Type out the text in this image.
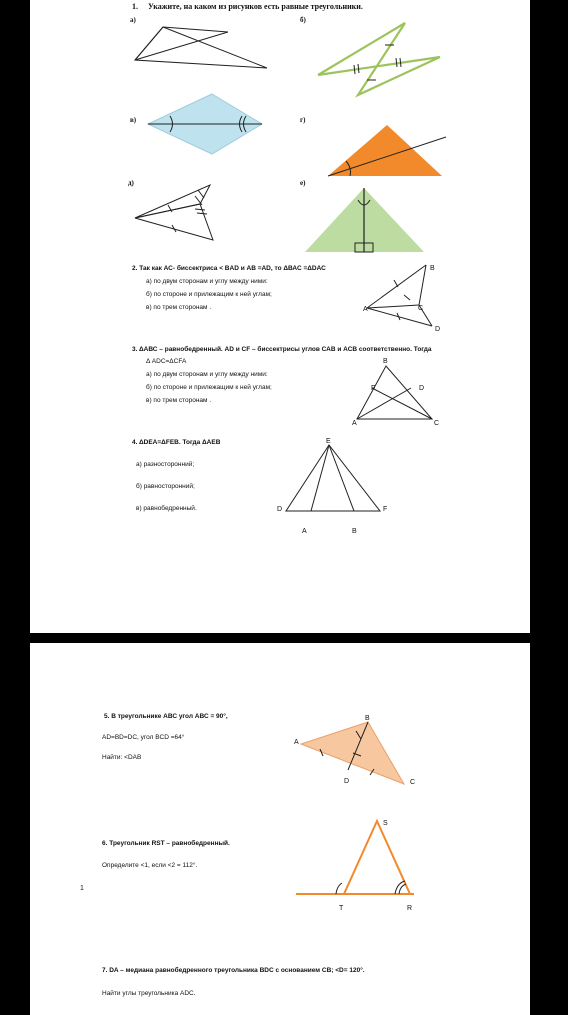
1. Укажите, на каком из рисунков есть равные треугольники.
а)	б)
в)	г)
д)	е)
2. Так как АС- биссектриса < BAD и АВ =AD, то ΔВАС =ΔDАС
а) по двум сторонам и углу между ними:
б) по стороне и прилежащим к ней углам;
в) по трем сторонам .
B
A	C
D
3. ΔАВС – равнобедренный. AD и CF – биссектрисы углов САВ и АСВ соответственно. Тогда
Δ ADC=ΔCFA
а) по двум сторонам и углу между ними:
б) по стороне и прилежащим к ней углам;
в) по трем сторонам .
B
F	D
A	C
4. ΔDEA=ΔFEB. Тогда ΔАЕВ
а) разносторонний;
б) равносторонний;
в) равнобедренный.
E
D	F
A	B
5. В треугольнике АВС угол АВС = 90°,
AD=BD=DC, угол BCD =64°
Найти: <DAB
B
A
D	C
6. Треугольник RST – равнобедренный.
Определите <1, если <2 = 112°.
1
S
T	R
7. DA – медиана равнобедренного треугольника BDC с основанием CB; <D= 120°.
Найти углы треугольника ADC.
